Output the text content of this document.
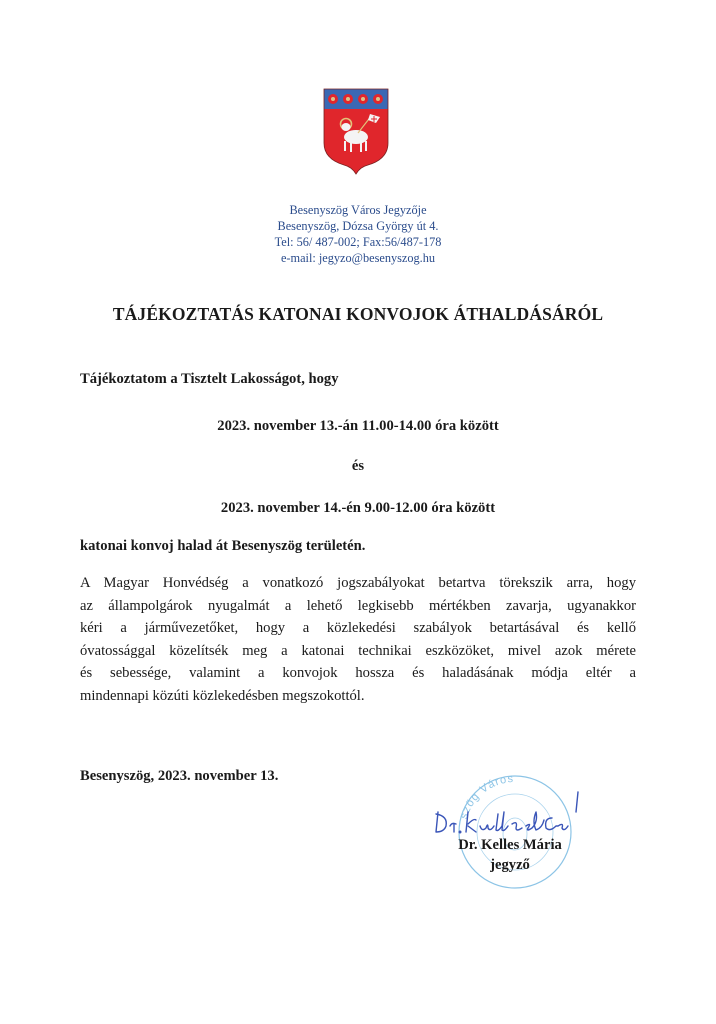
Besenyszög Város Jegyzője
Besenyszög, Dózsa György út 4.
Tel: 56/ 487-002; Fax:56/487-178
e-mail: jegyzo@besenyszog.hu
TÁJÉKOZTATÁS KATONAI KONVOJOK ÁTHALDÁSÁRÓL
Tájékoztatom a Tisztelt Lakosságot, hogy
2023. november 13.-án 11.00-14.00 óra között
és
2023. november 14.-én 9.00-12.00 óra között
katonai konvoj halad át Besenyszög területén.
A Magyar Honvédség a vonatkozó jogszabályokat betartva törekszik arra, hogy
az állampolgárok nyugalmát a lehető legkisebb mértékben zavarja, ugyanakkor
kéri a járművezetőket, hogy a közlekedési szabályok betartásával és kellő
óvatossággal közelítsék meg a katonai technikai eszközöket, mivel azok mérete
és sebessége, valamint a konvojok hossza és haladásának módja eltér a
mindennapi közúti közlekedésben megszokottól.
Besenyszög, 2023. november 13.
szög Város
Dr. Kelles Mária
jegyző
